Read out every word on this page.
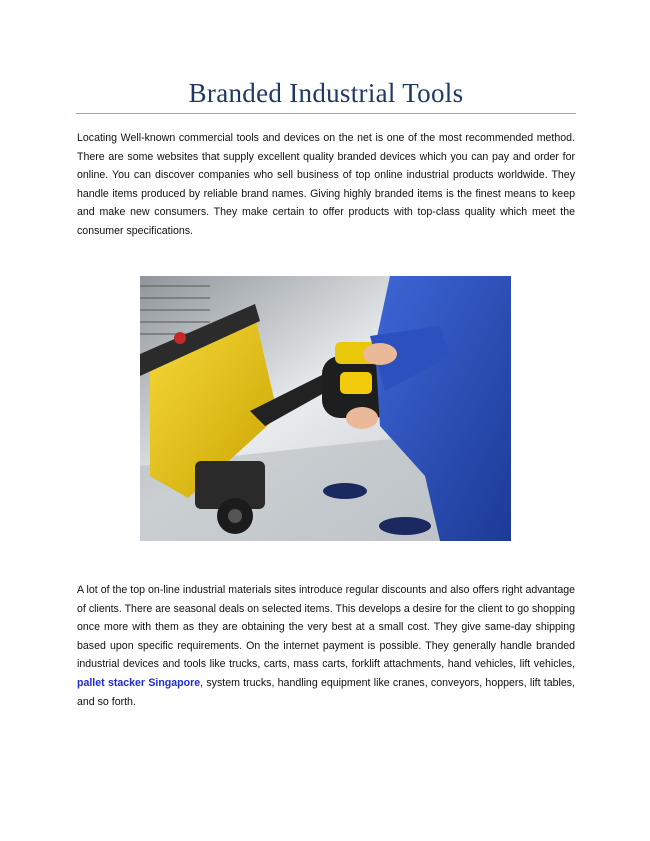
Branded Industrial Tools

Locating Well-known commercial tools and devices on the net is one of the most recommended method. There are some websites that supply excellent quality branded devices which you can pay and order for online. You can discover companies who sell business of top online industrial products worldwide. They handle items produced by reliable brand names. Giving highly branded items is the finest means to keep and make new consumers. They make certain to offer products with top-class quality which meet the consumer specifications.

A lot of the top on-line industrial materials sites introduce regular discounts and also offers right advantage of clients. There are seasonal deals on selected items. This develops a desire for the client to go shopping once more with them as they are obtaining the very best at a small cost. They give same-day shipping based upon specific requirements. On the internet payment is possible. They generally handle branded industrial devices and tools like trucks, carts, mass carts, forklift attachments, hand vehicles, lift vehicles, pallet stacker Singapore, system trucks, handling equipment like cranes, conveyors, hoppers, lift tables, and so forth.
